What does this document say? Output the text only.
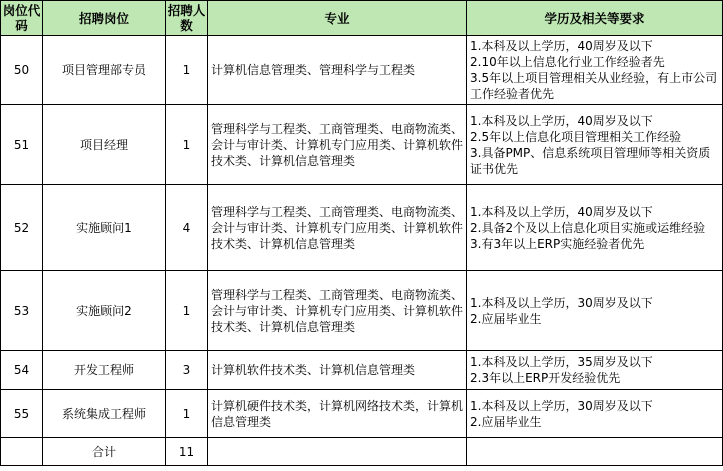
岗位代码	招聘岗位	招聘人数	专业	学历及相关等要求
50	项目管理部专员	1	计算机信息管理类、管理科学与工程类	1.本科及以上学历，40周岁及以下
2.10年以上信息化行业工作经验者先
3.5年以上项目管理相关从业经验，有上市公司工作经验者优先

51	项目经理	1	管理科学与工程类、工商管理类、电商物流类、会计与审计类、计算机专门应用类、计算机软件技术类、计算机信息管理类	1.本科及以上学历，40周岁及以下
2.5年以上信息化项目管理相关工作经验
3.具备PMP、信息系统项目管理师等相关资质证书优先

52	实施顾问1	4	管理科学与工程类、工商管理类、电商物流类、会计与审计类、计算机专门应用类、计算机软件技术类、计算机信息管理类	1.本科及以上学历，40周岁及以下
2.具备2个及以上信息化项目实施或运维经验
3.有3年以上ERP实施经验者优先

53	实施顾问2	1	管理科学与工程类、工商管理类、电商物流类、会计与审计类、计算机专门应用类、计算机软件技术类、计算机信息管理类	1.本科及以上学历，30周岁及以下
2.应届毕业生

54	开发工程师	3	计算机软件技术类、计算机信息管理类	1.本科及以上学历，35周岁及以下
2.3年以上ERP开发经验优先

55	系统集成工程师	1	计算机硬件技术类，计算机网络技术类，计算机信息管理类	1.本科及以上学历，30周岁及以下
2.应届毕业生

	合计	11		
